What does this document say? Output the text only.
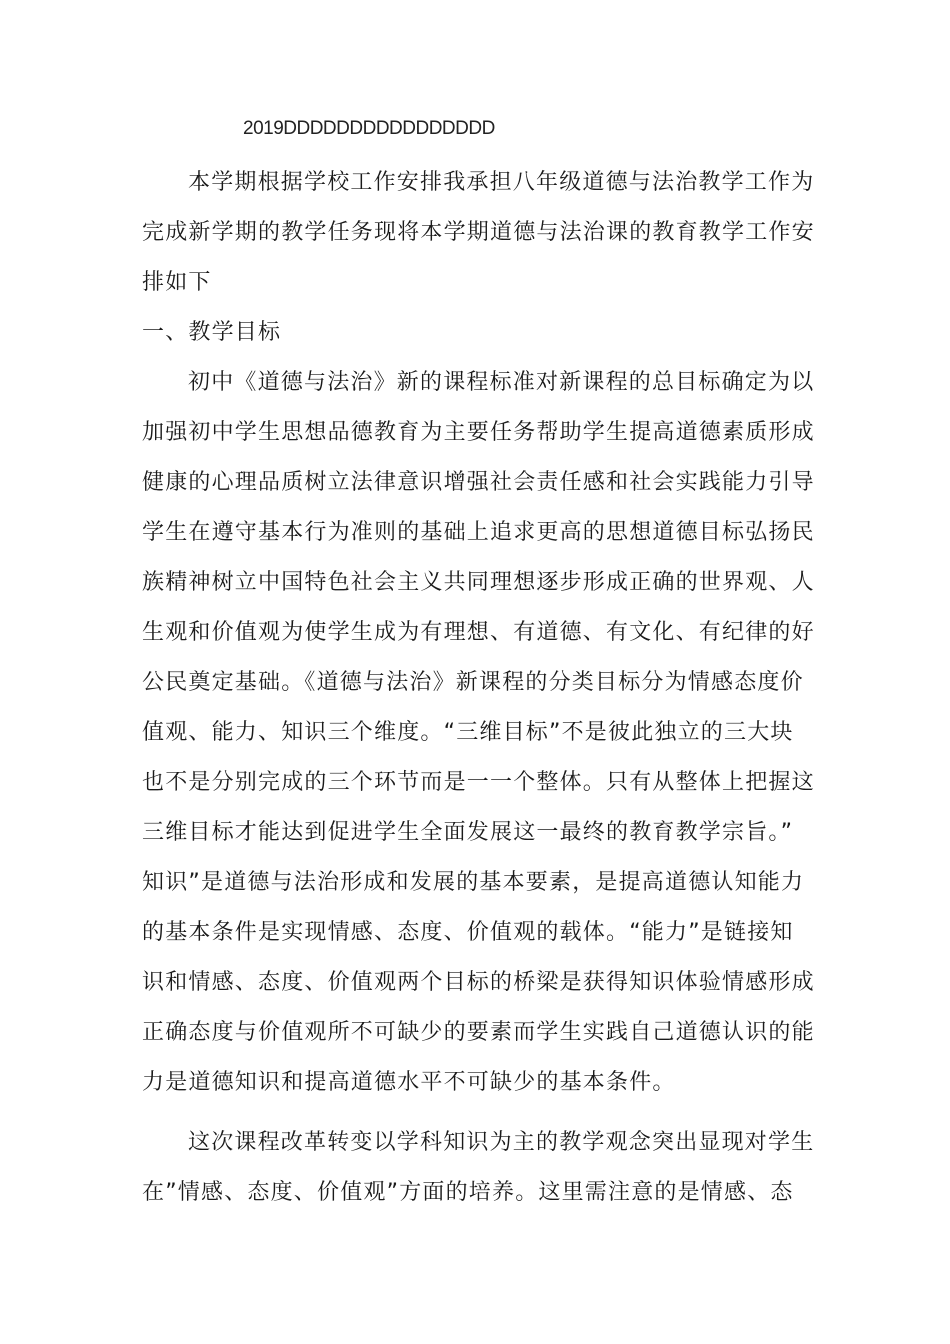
2019DDDDDDDDDDDDDDDD

本学期根据学校工作安排我承担八年级道德与法治教学工作为
完成新学期的教学任务现将本学期道德与法治课的教育教学工作安
排如下

一、教学目标

初中《道德与法治》新的课程标准对新课程的总目标确定为以
加强初中学生思想品德教育为主要任务帮助学生提高道德素质形成
健康的心理品质树立法律意识增强社会责任感和社会实践能力引导
学生在遵守基本行为准则的基础上追求更高的思想道德目标弘扬民
族精神树立中国特色社会主义共同理想逐步形成正确的世界观、人
生观和价值观为使学生成为有理想、有道德、有文化、有纪律的好
公民奠定基础。《道德与法治》新课程的分类目标分为情感态度价
值观、能力、知识三个维度。“三维目标”不是彼此独立的三大块
也不是分别完成的三个环节而是一一个整体。只有从整体上把握这
三维目标才能达到促进学生全面发展这一最终的教育教学宗旨。”
知识”是道德与法治形成和发展的基本要素，是提高道德认知能力
的基本条件是实现情感、态度、价值观的载体。“能力”是链接知
识和情感、态度、价值观两个目标的桥梁是获得知识体验情感形成
正确态度与价值观所不可缺少的要素而学生实践自己道德认识的能
力是道德知识和提高道德水平不可缺少的基本条件。

这次课程改革转变以学科知识为主的教学观念突出显现对学生
在”情感、态度、价值观”方面的培养。这里需注意的是情感、态
